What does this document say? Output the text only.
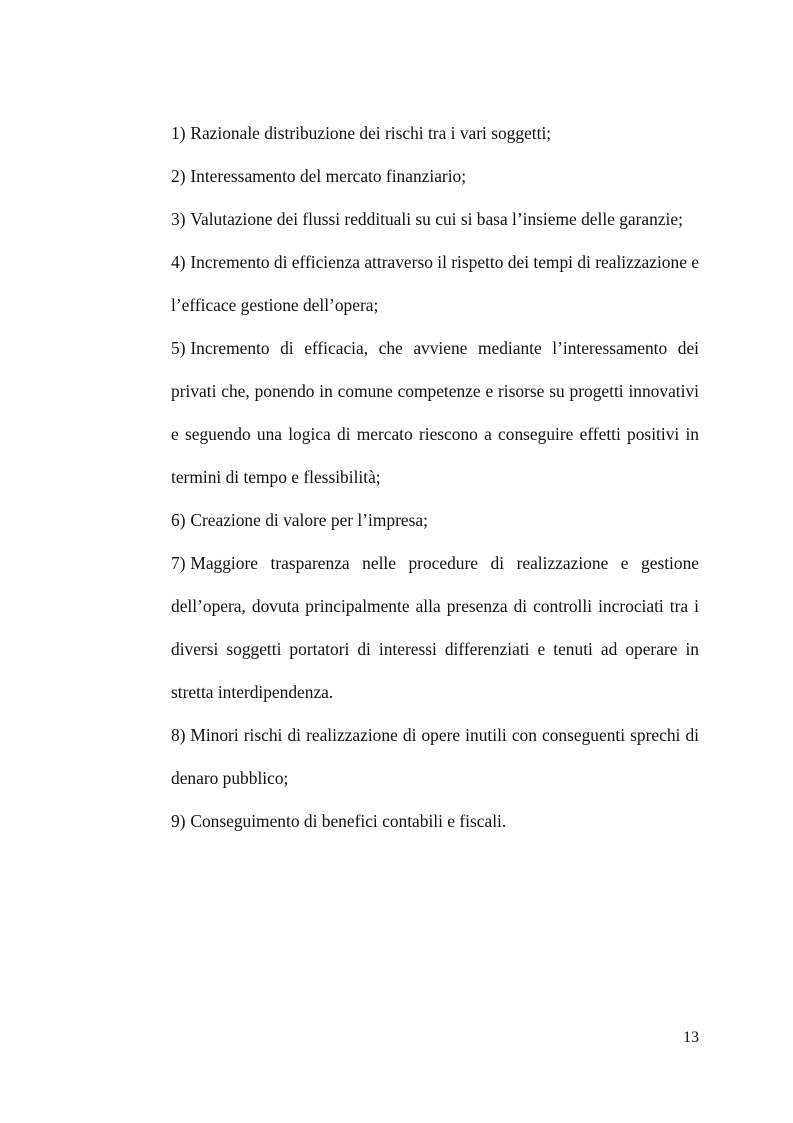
1) Razionale distribuzione dei rischi tra i vari soggetti;
2) Interessamento del mercato finanziario;
3) Valutazione dei flussi reddituali su cui si basa l’insieme delle garanzie;
4) Incremento di efficienza attraverso il rispetto dei tempi di realizzazione e l’efficace gestione dell’opera;
5) Incremento di efficacia, che avviene mediante l’interessamento dei privati che, ponendo in comune competenze e risorse su progetti innovativi e seguendo una logica di mercato riescono a conseguire effetti positivi in termini di tempo e flessibilità;
6) Creazione di valore per l’impresa;
7) Maggiore trasparenza nelle procedure di realizzazione e gestione dell’opera, dovuta principalmente alla presenza di controlli incrociati tra i diversi soggetti portatori di interessi differenziati e tenuti ad operare in stretta interdipendenza.
8) Minori rischi di realizzazione di opere inutili con conseguenti sprechi di denaro pubblico;
9) Conseguimento di benefici contabili e fiscali.
13
